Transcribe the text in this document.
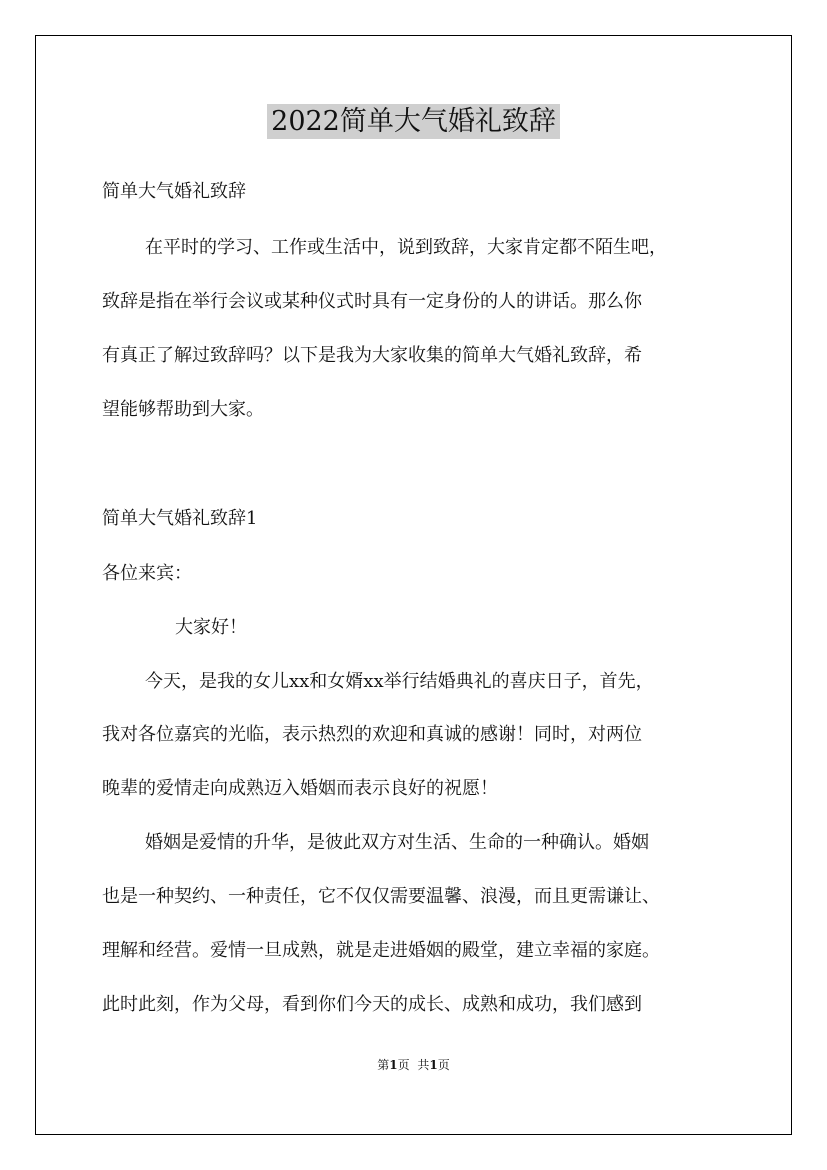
2022简单大气婚礼致辞

简单大气婚礼致辞

在平时的学习、工作或生活中，说到致辞，大家肯定都不陌生吧，

致辞是指在举行会议或某种仪式时具有一定身份的人的讲话。那么你

有真正了解过致辞吗？以下是我为大家收集的简单大气婚礼致辞，希

望能够帮助到大家。

简单大气婚礼致辞1

各位来宾：

大家好！

今天，是我的女儿xx和女婿xx举行结婚典礼的喜庆日子，首先，

我对各位嘉宾的光临，表示热烈的欢迎和真诚的感谢！同时，对两位

晚辈的爱情走向成熟迈入婚姻而表示良好的祝愿！

婚姻是爱情的升华，是彼此双方对生活、生命的一种确认。婚姻

也是一种契约、一种责任，它不仅仅需要温馨、浪漫，而且更需谦让、

理解和经营。爱情一旦成熟，就是走进婚姻的殿堂，建立幸福的家庭。

此时此刻，作为父母，看到你们今天的成长、成熟和成功，我们感到

第1页 共1页
